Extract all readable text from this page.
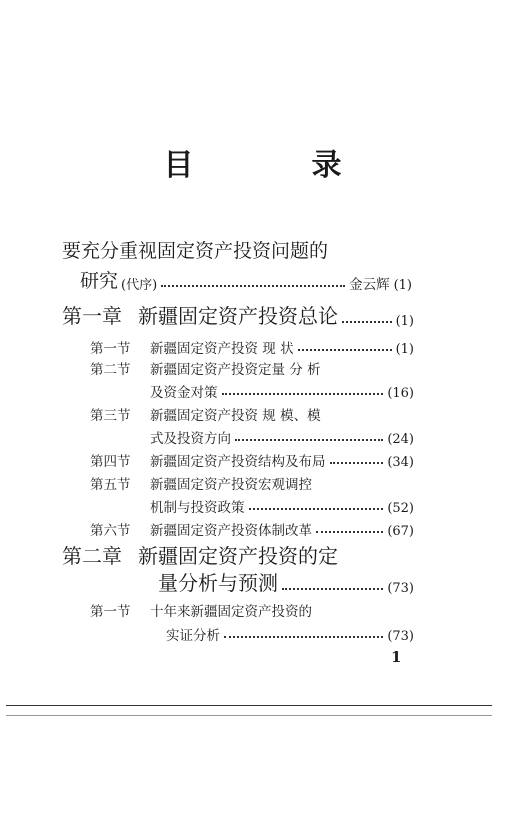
目　录
要充分重视固定资产投资问题的
研究 (代序)	金云辉 (1)
第一章 新疆固定资产投资总论	(1)
第一节	新疆固定资产投资 现 状	(1)
第二节	新疆固定资产投资定量 分 析
及资金对策	(16)
第三节	新疆固定资产投资 规 模、模
式及投资方向	(24)
第四节	新疆固定资产投资结构及布局	(34)
第五节	新疆固定资产投资宏观调控
机制与投资政策	(52)
第六节	新疆固定资产投资体制改革	(67)
第二章 新疆固定资产投资的定
量分析与预测	(73)
第一节	十年来新疆固定资产投资的
实证分析	(73)
1
